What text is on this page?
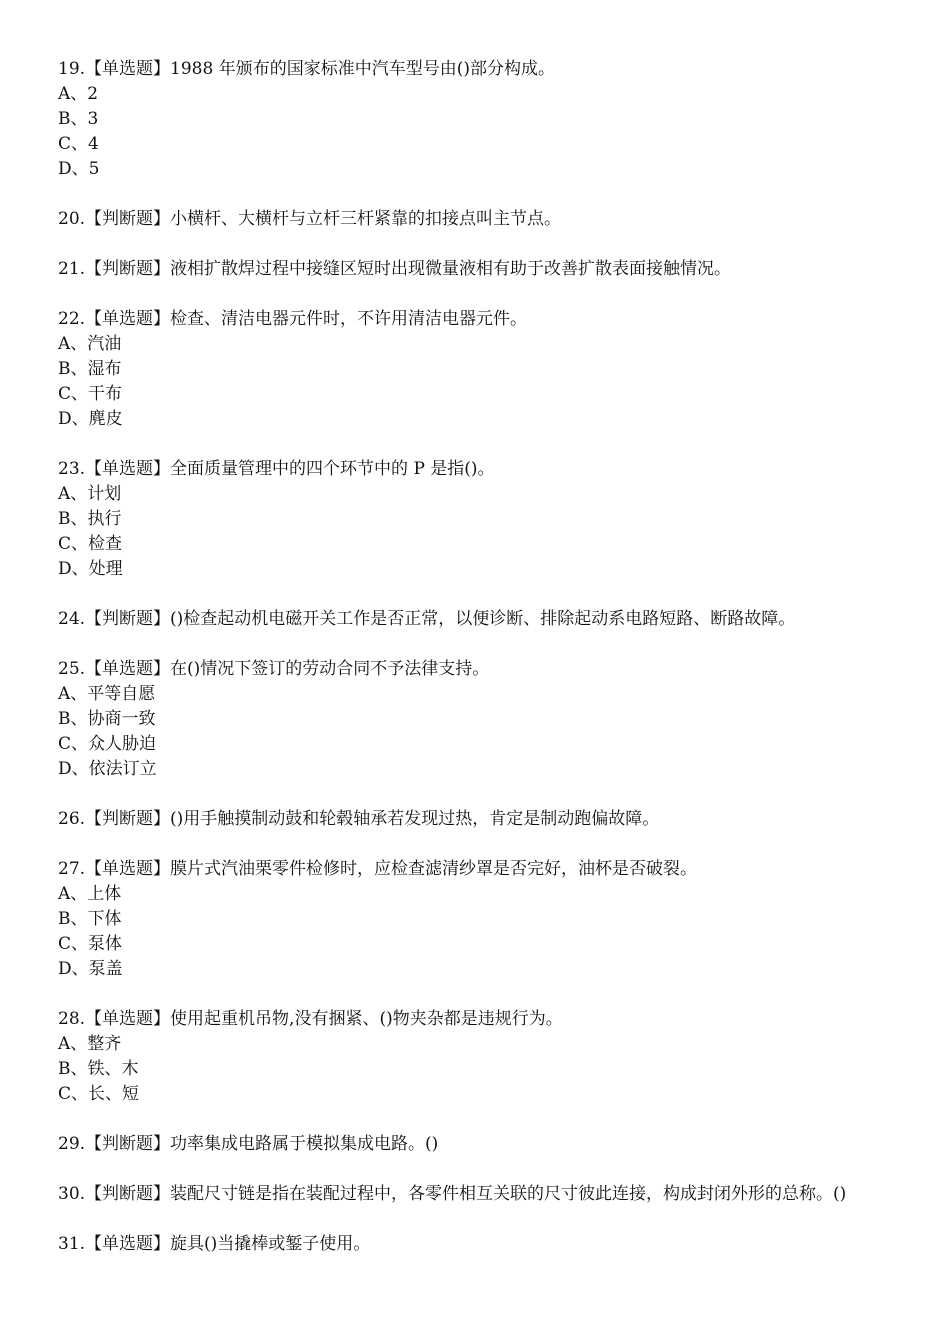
19.【单选题】1988 年颁布的国家标准中汽车型号由()部分构成。
A、2
B、3
C、4
D、5
20.【判断题】小横杆、大横杆与立杆三杆紧靠的扣接点叫主节点。
21.【判断题】液相扩散焊过程中接缝区短时出现微量液相有助于改善扩散表面接触情况。
22.【单选题】检查、清洁电器元件时，不许用清洁电器元件。
A、汽油
B、湿布
C、干布
D、麂皮
23.【单选题】全面质量管理中的四个环节中的 P 是指()。
A、计划
B、执行
C、检查
D、处理
24.【判断题】()检查起动机电磁开关工作是否正常，以便诊断、排除起动系电路短路、断路故障。
25.【单选题】在()情况下签订的劳动合同不予法律支持。
A、平等自愿
B、协商一致
C、众人胁迫
D、依法订立
26.【判断题】()用手触摸制动鼓和轮毂轴承若发现过热，肯定是制动跑偏故障。
27.【单选题】膜片式汽油栗零件检修时，应检查滤清纱罩是否完好，油杯是否破裂。
A、上体
B、下体
C、泵体
D、泵盖
28.【单选题】使用起重机吊物,没有捆紧、()物夹杂都是违规行为。
A、整齐
B、铁、木
C、长、短
29.【判断题】功率集成电路属于模拟集成电路。()
30.【判断题】装配尺寸链是指在装配过程中，各零件相互关联的尺寸彼此连接，构成封闭外形的总称。()
31.【单选题】旋具()当撬棒或錾子使用。
